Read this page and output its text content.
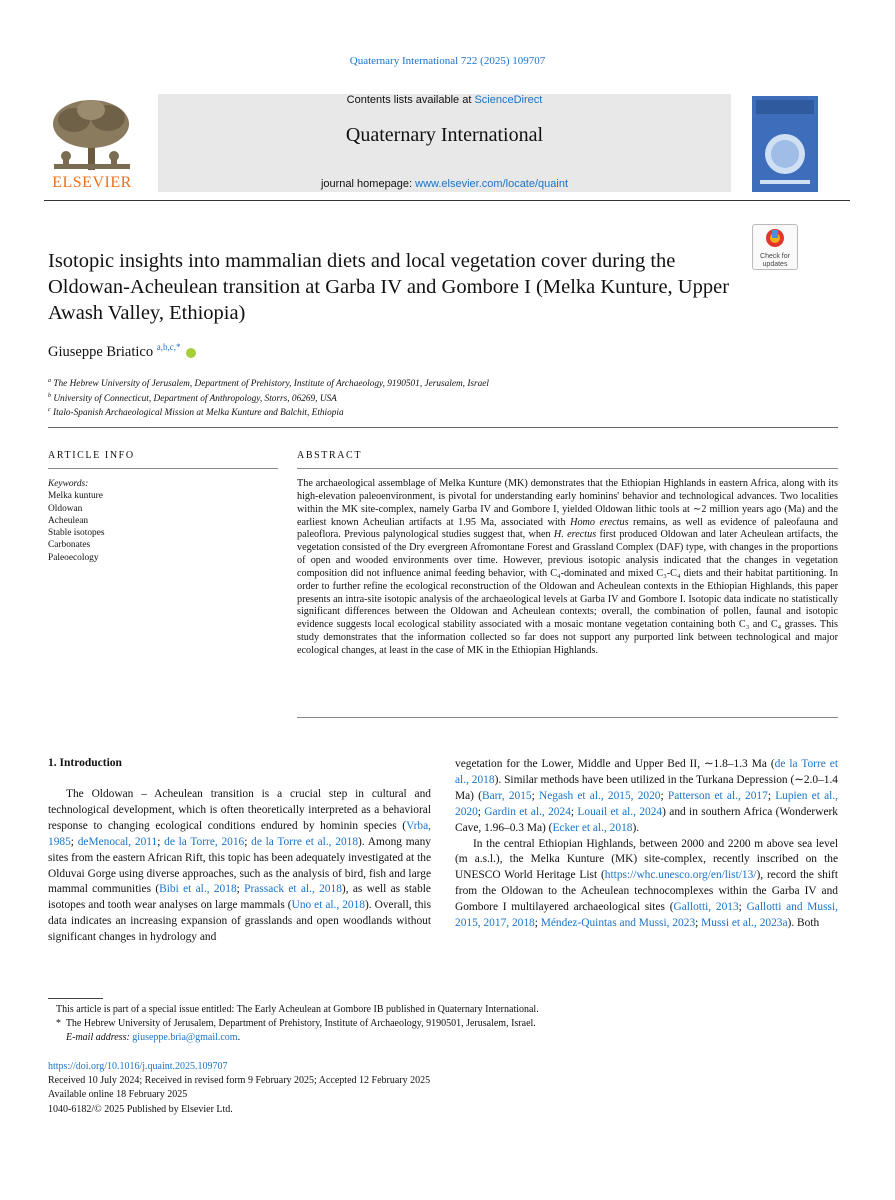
Quaternary International 722 (2025) 109707
ELSEVIER
Contents lists available at ScienceDirect
Quaternary International
journal homepage: www.elsevier.com/locate/quaint
Isotopic insights into mammalian diets and local vegetation cover during the Oldowan-Acheulean transition at Garba IV and Gombore I (Melka Kunture, Upper Awash Valley, Ethiopia)
Check for
updates
Giuseppe Briatico $^{a,b,c,*}$
$^a$ The Hebrew University of Jerusalem, Department of Prehistory, Institute of Archaeology, 9190501, Jerusalem, Israel
$^b$ University of Connecticut, Department of Anthropology, Storrs, 06269, USA
$^c$ Italo-Spanish Archaeological Mission at Melka Kunture and Balchit, Ethiopia
ARTICLE INFO	ABSTRACT
Keywords:
Melka kunture
Oldowan
Acheulean
Stable isotopes
Carbonates
Paleoecology
The archaeological assemblage of Melka Kunture (MK) demonstrates that the Ethiopian Highlands in eastern Africa, along with its high-elevation paleoenvironment, is pivotal for understanding early hominins' behavior and technological advances. Two localities within the MK site-complex, namely Garba IV and Gombore I, yielded Oldowan lithic tools at ∼2 million years ago (Ma) and the earliest known Acheulian artifacts at 1.95 Ma, associated with Homo erectus remains, as well as evidence of paleofauna and paleoflora. Previous palynological studies suggest that, when H. erectus first produced Oldowan and later Acheulean artifacts, the vegetation consisted of the Dry evergreen Afromontane Forest and Grassland Complex (DAF) type, with changes in the proportions of open and wooded environments over time. However, previous isotopic analysis indicated that the changes in vegetation composition did not influence animal feeding behavior, with C₄-dominated and mixed C₃-C₄ diets and their habitat partitioning. In order to further refine the ecological reconstruction of the Oldowan and Acheulean contexts in the Ethiopian Highlands, this paper presents an intra-site isotopic analysis of the archaeological levels at Garba IV and Gombore I. Isotopic data indicate no statistically significant differences between the Oldowan and Acheulean contexts; overall, the combination of pollen, faunal and isotopic evidence suggests local ecological stability associated with a mosaic montane vegetation containing both C₃ and C₄ grasses. This study demonstrates that the information collected so far does not support any purported link between technological and major ecological changes, at least in the case of MK in the Ethiopian Highlands.
1. Introduction

The Oldowan – Acheulean transition is a crucial step in cultural and technological development, which is often theoretically interpreted as a behavioral response to changing ecological conditions endured by hominin species (Vrba, 1985; deMenocal, 2011; de la Torre, 2016; de la Torre et al., 2018). Among many sites from the eastern African Rift, this topic has been adequately investigated at the Olduvai Gorge using diverse approaches, such as the analysis of bird, fish and large mammal communities (Bibi et al., 2018; Prassack et al., 2018), as well as stable isotopes and tooth wear analyses on large mammals (Uno et al., 2018). Overall, this data indicates an increasing expansion of grasslands and open woodlands without significant changes in hydrology and

vegetation for the Lower, Middle and Upper Bed II, ∼1.8–1.3 Ma (de la Torre et al., 2018). Similar methods have been utilized in the Turkana Depression (∼2.0–1.4 Ma) (Barr, 2015; Negash et al., 2015, 2020; Patterson et al., 2017; Lupien et al., 2020; Gardin et al., 2024; Louail et al., 2024) and in southern Africa (Wonderwerk Cave, 1.96–0.3 Ma) (Ecker et al., 2018).

In the central Ethiopian Highlands, between 2000 and 2200 m above sea level (m a.s.l.), the Melka Kunture (MK) site-complex, recently inscribed on the UNESCO World Heritage List (https://whc.unesco.org/en/list/13/), record the shift from the Oldowan to the Acheulean technocomplexes within the Garba IV and Gombore I multilayered archaeological sites (Gallotti, 2013; Gallotti and Mussi, 2015, 2017, 2018; Méndez-Quintas and Mussi, 2023; Mussi et al., 2023a). Both

This article is part of a special issue entitled: The Early Acheulean at Gombore IB published in Quaternary International.
* The Hebrew University of Jerusalem, Department of Prehistory, Institute of Archaeology, 9190501, Jerusalem, Israel.
E-mail address: giuseppe.bria@gmail.com.
https://doi.org/10.1016/j.quaint.2025.109707
Received 10 July 2024; Received in revised form 9 February 2025; Accepted 12 February 2025
Available online 18 February 2025
1040-6182/© 2025 Published by Elsevier Ltd.
